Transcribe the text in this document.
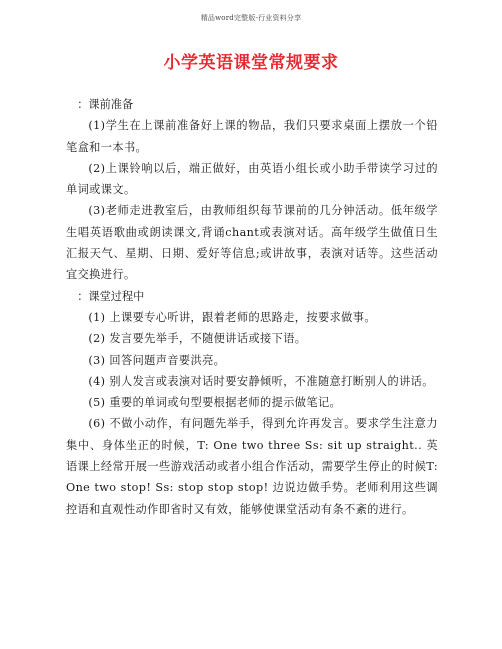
精品word完整版-行业资料分享
小学英语课堂常规要求

：课前准备

(1)学生在上课前准备好上课的物品，我们只要求桌面上摆放一个铅笔盒和一本书。

(2)上课铃响以后，端正做好，由英语小组长或小助手带读学习过的单词或课文。

(3)老师走进教室后，由教师组织每节课前的几分钟活动。低年级学生唱英语歌曲或朗读课文,背诵chant或表演对话。高年级学生做值日生汇报天气、星期、日期、爱好等信息;或讲故事，表演对话等。这些活动宜交换进行。

：课堂过程中

(1) 上课要专心听讲，跟着老师的思路走，按要求做事。

(2) 发言要先举手，不随便讲话或接下语。

(3) 回答问题声音要洪亮。

(4) 别人发言或表演对话时要安静倾听，不准随意打断别人的讲话。

(5) 重要的单词或句型要根据老师的提示做笔记。

(6) 不做小动作，有问题先举手，得到允许再发言。要求学生注意力集中、身体坐正的时候，T: One two three Ss: sit up straight.. 英语课上经常开展一些游戏活动或者小组合作活动，需要学生停止的时候T: One two stop! Ss: stop stop stop! 边说边做手势。老师利用这些调控语和直观性动作即省时又有效，能够使课堂活动有条不紊的进行。
